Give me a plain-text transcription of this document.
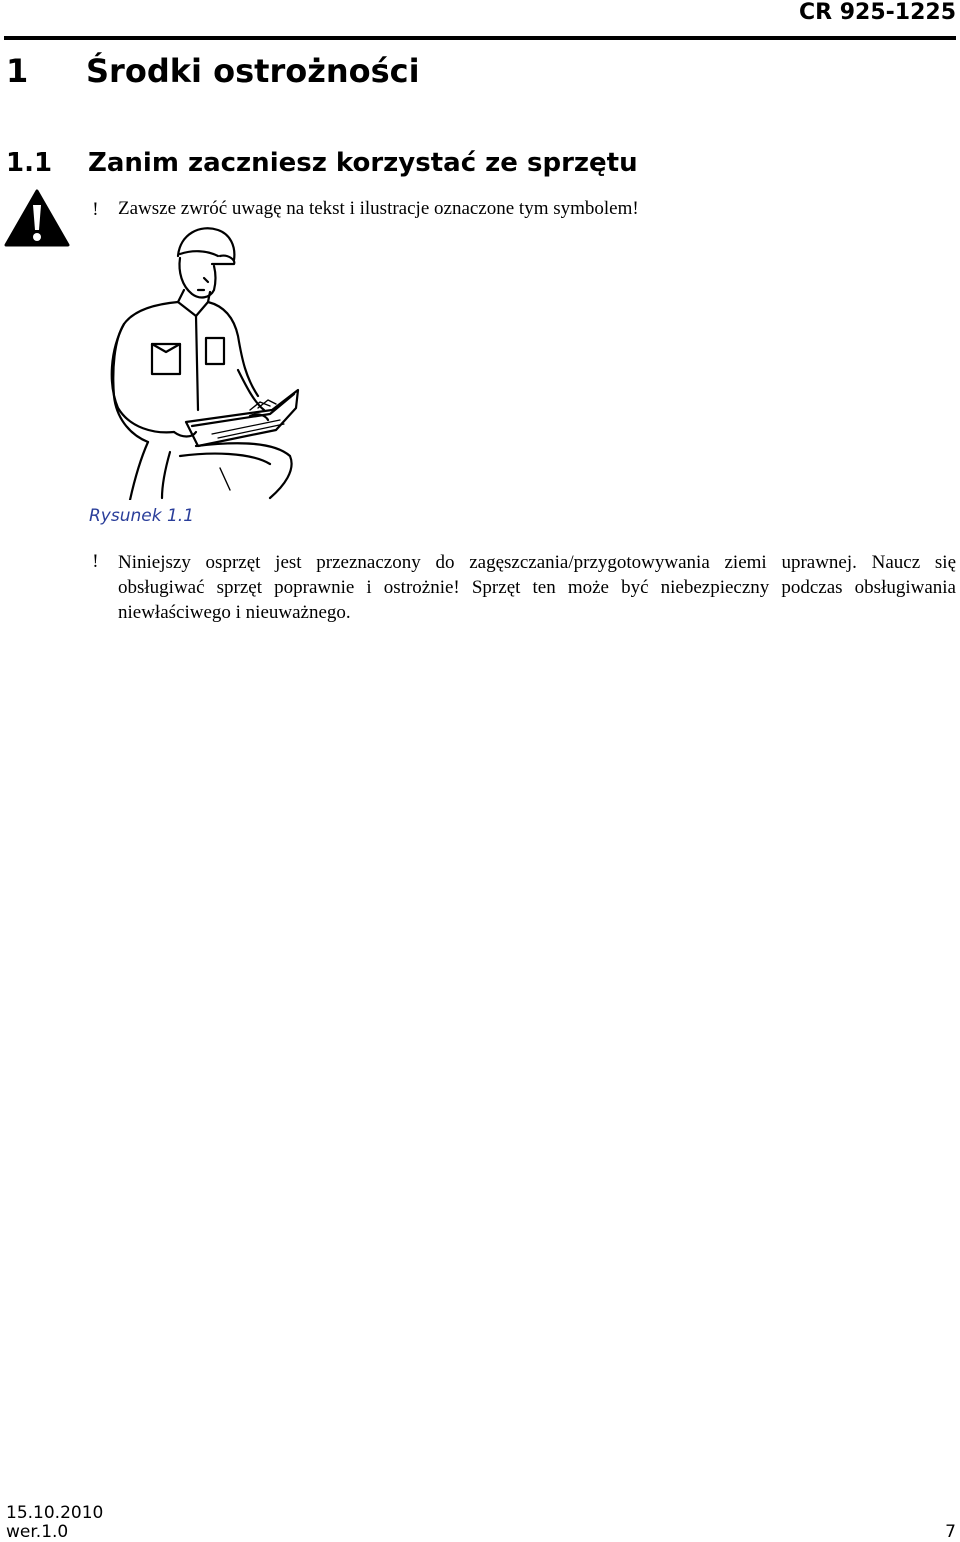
CR 925-1225
1 Środki ostrożności
1.1 Zanim zaczniesz korzystać ze sprzętu
! Zawsze zwróć uwagę na tekst i ilustracje oznaczone tym symbolem!
Rysunek 1.1
! Niniejszy osprzęt jest przeznaczony do zagęszczania/przygotowywania ziemi uprawnej. Naucz się obsługiwać sprzęt poprawnie i ostrożnie! Sprzęt ten może być niebezpieczny podczas obsługiwania niewłaściwego i nieuważnego.
15.10.2010
wer.1.0	7
